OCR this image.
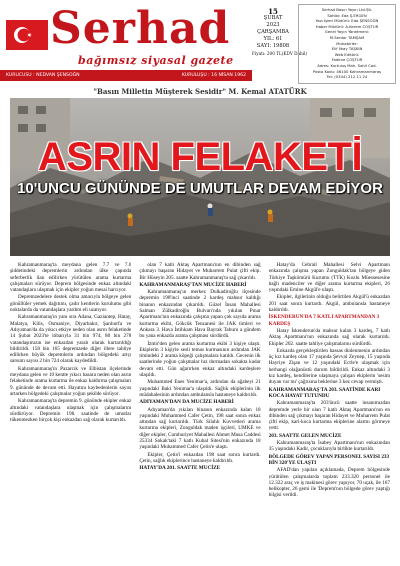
Serhad
bağımsız siyasal gazete
KURUCUSU : NEDVAN ŞENSOĞN	KURULUŞU : 16 NİSAN 1962
15
ŞUBAT
2023
ÇARŞAMBA
YIL: 61
SAYI: 19808
Fiyatı: 200 TL(KDV Dahil)
Serhad Basın Yayın Ltd.Şti.
Sahibi: Eda Ş.ERGEN
Yazı İşleri Müdürü: Eda ŞENSOĞN
Haber Müdürü: A.Kerem COŞTUR
Genel Yayın Yönetmeni:
M.Serdar TAMŞAM
Muhabirler:
Elif İlkay TAŞKIN
Web Editörü:
Fadime ÇOŞTUR
Adres: Kurtuluş Mah. Sahil Cad.
Posta Kodu: 46100 Kahramanmaraş
Tel: (0344) 212 11 24
"Basın Milletin Müşterek Sesidir" M. Kemal ATATÜRK
ASRIN FELAKETİ
10'UNCU GÜNÜNDE DE UMUTLAR DEVAM EDİYOR

Kahramanmaraş'ta meydana gelen 7.7 ve 7.6 şiddetindeki depremlerin ardından ülke çapında seferberlik ilan edilirken yürütülen arama kurtarma çalışmaları sürüyor. Deprem bölgesinde enkaz altındaki vatandaşlara ulaşmak için ekipler yoğun mesai harcıyor.

Depremzedelere destek olma amacıyla bölgeye gelen gönüllüler yemek dağıtımı, çadır kentlerin kurulumu gibi noktalarda da vatandaşlara yardım eli uzatıyor.

Kahramanmaraş'ın yanı sıra Adana, Gaziantep, Hatay, Malatya, Kilis, Osmaniye, Diyarbakır, Şanlıurfa ve Adıyaman'da da yıkıcı etkiye neden olan asrın felaketinde 14 Şubat 2023'te itibarıyla 31 bin 974, 80 bin 278 vatandaşımızın ise enkazdan yaralı olarak kurtarıldığı bildirildi. 158 bin 165 depremzede diğer illere tahliye edilirken büyük depremlerin ardından bölgedeki artçı sarsıntı sayısı 2 bin 724 olarak kaydedildi.

Kahramanmaraş'ın Pazarcık ve Elbistan ilçelerinde meydana gelen ve 10 kentte yıkıcı hasara neden olan asrın felaketinde arama kurtarma ile enkaz kaldırma çalışmaları 9. gününde de devam etti. Hayatını kaybedenlerin sayısı artarken bölgedeki çalışmalar yoğun şekilde sürüyor.

Kahramanmaraş'ta depremin 9. gününde ekipler enkaz altındaki vatandaşlara ulaşmak için çalışmalarını sürdürüyor. Depremin 198. saatinde de umutlar tükenmezken birçok kişi enkazdan sağ olarak kurtarıldı.

olan 7 katlı Aktaş Apartmanı'nın en dibinden sağ çıkmayı başaran Hidayet ve Muharrem Pulat çifti ekip. Bir Hüseyin 205. saatte Kahramanmaraş'ta sağ çıkarıldı.

KAHRAMANMARAŞ'TAN MUCİZE HABERİ

Kahramanmaraş'ın merkez Dulkadiroğlu ilçesinde depremin 198'inci saatinde 2 kardeş mahsur kaldığı binanın enkazından çıkarıldı. Güzel İnsan Mahallesi Salman Zülkadiroğlu Bulvarı'nda yıkılan Pınar Apartmanı'nın enkazında çalışma yapan çok sayıda arama kurtarma ekibi, Gökcük Tenzanesi ile JAK timleri ve Ankara 3. Hava İstihkam Hava Bayrak Taburu a gündem bu yana enkazda arama çalışması sürdürdü.

İzmir'den gelen arama kurtarma ekibi 3 kişiye ulaştı. Ekiplerin 3 kişiyle sesli temas kurmasının ardından JAK timindeki 2 arama köpeği çalışmalara katıldı. Gecenin ilk saatlerinde yoğun çalışmalar hız durmadan sokakta kadar devam etti. Gün ağarırken enkaz altındaki kardeşlere ulaşıldı.

Muhammed Enes Yenimar'a, ardından da ağabeyi 21 yaşındaki Baki Yenimar'a ulaşıldı. Sağlık ekiplerinin ilk müdahalesinin ardından ambulansla hastaneye kaldırıldı.

ADIYAMAN'DAN DA MUCİZE HABERİ

Adıyaman'da yıkılan binanın enkazında kalan 18 yaşındaki Muhammed Cafer Çetin, 198 saat sonra enkaz altından sağ kurtarıldı. Türk Silahlı Kuvvetleri arama kurtarma ekipleri, Zonguldak maden işçileri, UMKE ve diğer ekipler, Cumhuriyet Mahallesi Ahmet Musa Caddesi 25334 Sokak'taki 7 katlı Kubal Sitesi'nin enkazında 18 yaşındaki Muhammed Cafer Çetin'e ulaştı.

Ekipler, Çetin'i enkazdan 198 saat sonra kurtardı. Çetin, sağlık ekiplerince hastaneye kaldırıldı.

HATAY'DA 201. SAATTE MUCİZE

Hatay'da Cebrail Mahallesi Selvi Apartmanı enkazında çalışma yapan Zonguldak'tan bölgeye giden Türkiye Taşkömürü Kurumu (TTK) Kozlu Müessesesine bağlı madenciler ve diğer arama kurtarma ekipleri, 26 yaşındaki Emine Akgül'e ulaştı.

Ekipler, ilgilerinin olduğu belirtilen Akgül'ü enkazdan 201 saat sonra kurtardı. Akgül, ambulansla hastaneye kaldırıldı.

İSKENDERUN'DA 7 KATLI APARTMANDAN 3 KARDEŞ

Hatay İskenderun'da mahsur kalan 3 kardeş, 7 katlı Aktaş Apartmanı'nın enkazında sağ olarak kurtarıldı. Ekipler 202. saatte tahliye çalışmalarını sürdürdü.

Enkazda gerçekleştirilen hassas dinlenmenin ardından üç kız kardeş olan 17 yaşında Şevval Zeynep, 15 yaşında Hayriye Zişan ve 12 yaşındaki Ecrle'e ulaşmak için herhangi olağanüstü durum bildirildi. Enkaz altındaki 3 kız kardeş, kendilerine ulaşmaya çalışan ekiplerin 'sesim duyan var mı' çağrısına beklerine 3 kez cevap vermişti.

KAHRAMANMARAŞ'TA 203. SAATİNDE KARI KOCA HAYAT TUTUNDU

Kahramanmaraş'ta 203'üncü saatte insanımızdan depremde yerle bir olan 7 katlı Aktaş Apartmanı'nın en dibinden sağ çıkmayı başaran Hidayet ve Muharrem Pulat çifti ekip, kari-koca kurtarma ekiplerine alarmı görmeye yetti.

203. SAATTE GELEN MUCİZE

Kahramanmaraş'ta İsabey Apartmanı'nın enkazından 35 yaşındaki Kadir, çocuklarıyla birlikte kurtarıldı.

BÖLGEDE GÖREV YAPAN PERSONEL SAYISI 233 BİN 320'YE ULAŞTI

AFAD'dan yapılan açıklamada, Deprem bölgesinde yürütülen çalışmalarda toplam 233.320 personel ile 12.322 araç ve iş makinesi görev yapıyor, 70 uçak, ile 167 helikopter, 26 gemi ile 'Deprem'nın bölgede görev yaptığı bilgisi verildi.
